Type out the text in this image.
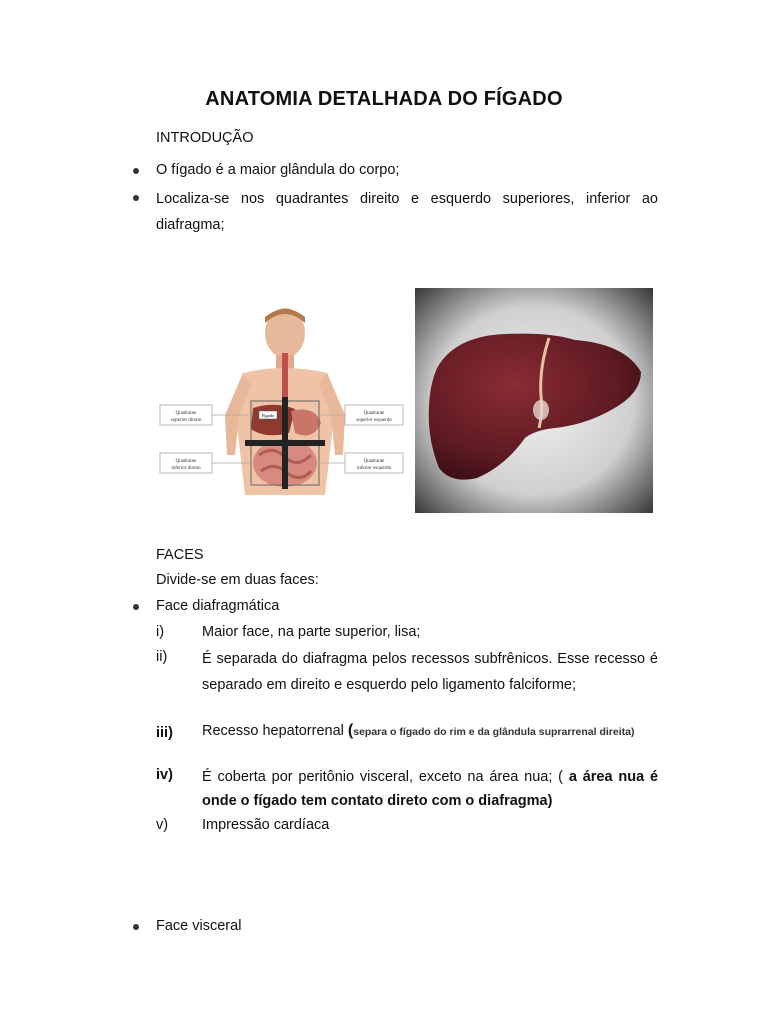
ANATOMIA DETALHADA DO FÍGADO
INTRODUÇÃO
O fígado é a maior glândula do corpo;
Localiza-se nos quadrantes direito e esquerdo superiores, inferior ao diafragma;
Fígado
Quadrante
superior direito
Quadrante
superior esquerdo
Quadrante
inferior direito
Quadrante
inferior esquerdo
FACES
Divide-se em duas faces:
Face diafragmática
i)	Maior face, na parte superior, lisa;
ii) É separada do diafragma pelos recessos subfrênicos. Esse recesso é separado em direito e esquerdo pelo ligamento falciforme;
iii) Recesso hepatorrenal (separa o fígado do rim e da glândula suprarrenal direita)
iv) É coberta por peritônio visceral, exceto na área nua; ( a área nua é onde o fígado tem contato direto com o diafragma)
v) Impressão cardíaca
Face visceral
